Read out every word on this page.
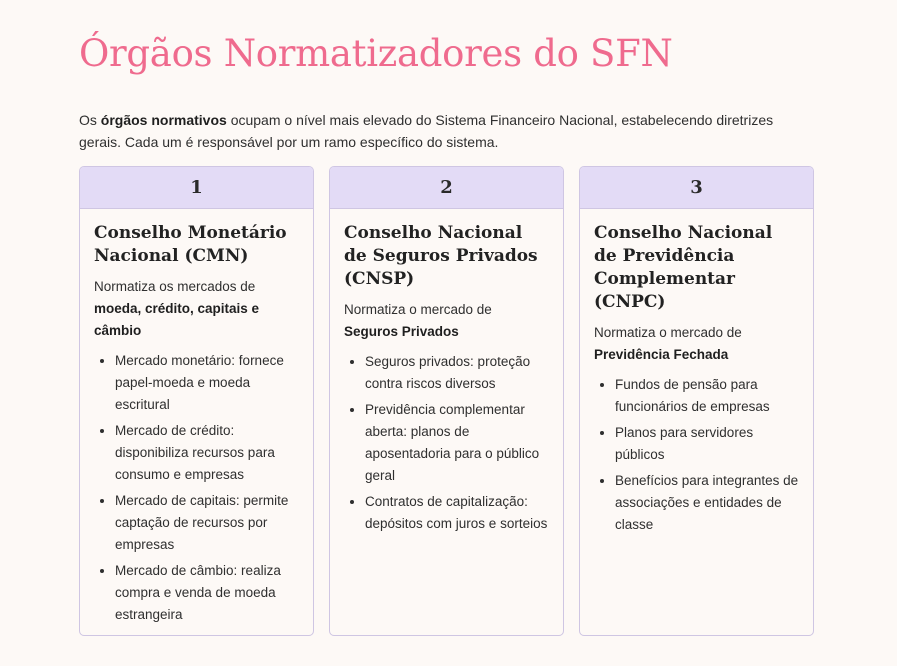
Órgãos Normatizadores do SFN

Os órgãos normativos ocupam o nível mais elevado do Sistema Financeiro Nacional, estabelecendo diretrizes gerais. Cada um é responsável por um ramo específico do sistema.

1
Conselho Monetário Nacional (CMN)

Normatiza os mercados de moeda, crédito, capitais e câmbio

• Mercado monetário: fornece papel-moeda e moeda escritural
• Mercado de crédito: disponibiliza recursos para consumo e empresas
• Mercado de capitais: permite captação de recursos por empresas
• Mercado de câmbio: realiza compra e venda de moeda estrangeira
2
Conselho Nacional de Seguros Privados (CNSP)

Normatiza o mercado de Seguros Privados

• Seguros privados: proteção contra riscos diversos
• Previdência complementar aberta: planos de aposentadoria para o público geral
• Contratos de capitalização: depósitos com juros e sorteios
3
Conselho Nacional de Previdência Complementar (CNPC)

Normatiza o mercado de Previdência Fechada

• Fundos de pensão para funcionários de empresas
• Planos para servidores públicos
• Benefícios para integrantes de associações e entidades de classe
